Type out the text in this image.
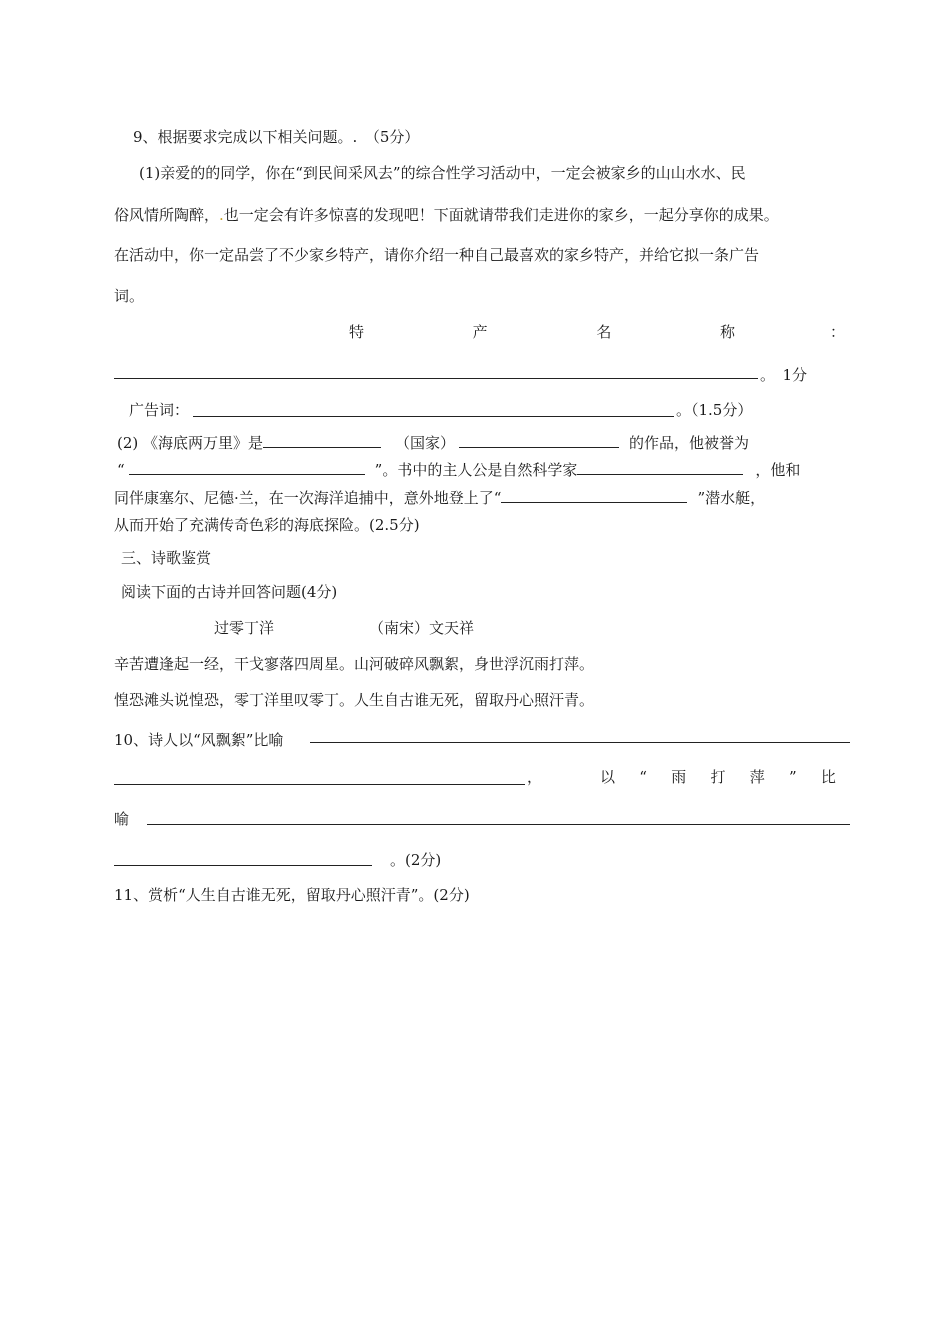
9、根据要求完成以下相关问题。.　（5分）
(1)亲爱的的同学，你在“到民间采风去”的综合性学习活动中，一定会被家乡的山山水水、民
俗风情所陶醉，.也一定会有许多惊喜的发现吧！下面就请带我们走进你的家乡，一起分享你的成果。
在活动中，你一定品尝了不少家乡特产，请你介绍一种自己最喜欢的家乡特产，并给它拟一条广告
词。
特	产	名	称	：
。　1分
广告词：	。（1.5分）
(2) 《海底两万里》是	（国家）	的作品，他被誉为
“	”。书中的主人公是自然科学家	，他和
同伴康塞尔、尼德·兰，在一次海洋追捕中，意外地登上了“	”潜水艇，
从而开始了充满传奇色彩的海底探险。(2.5分)
三、诗歌鉴赏
阅读下面的古诗并回答问题(4分)
过零丁洋	（南宋）文天祥
辛苦遭逢起一经，干戈寥落四周星。山河破碎风飘絮，身世浮沉雨打萍。
惶恐滩头说惶恐，零丁洋里叹零丁。人生自古谁无死，留取丹心照汗青。
10、诗人以“风飘絮”比喻
，	以 “ 雨 打 萍 ” 比
喻
。(2分)
11、赏析“人生自古谁无死，留取丹心照汗青”。(2分)
